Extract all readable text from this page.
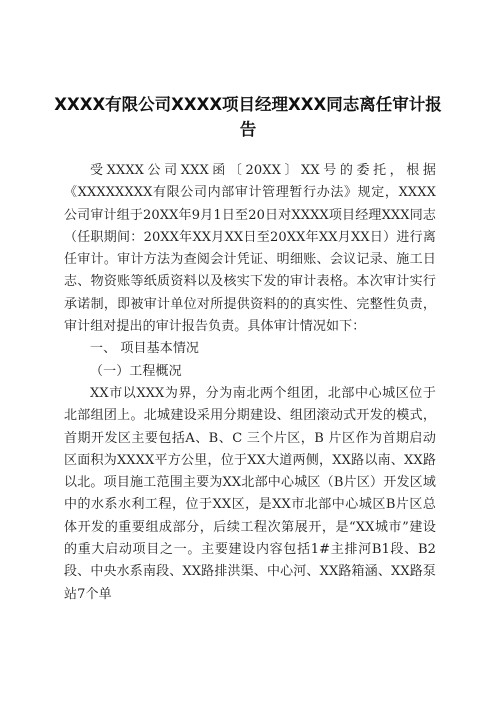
XXXX有限公司XXXX项目经理XXX同志离任审计报告

受XXXX公司XXX函〔20XX〕XX号的委托，根据《XXXXXXXX有限公司内部审计管理暂行办法》规定，XXXX公司审计组于20XX年9月1日至20日对XXXX项目经理XXX同志（任职期间：20XX年XX月XX日至20XX年XX月XX日）进行离任审计。审计方法为查阅会计凭证、明细账、会议记录、施工日志、物资账等纸质资料以及核实下发的审计表格。本次审计实行承诺制，即被审计单位对所提供资料的的真实性、完整性负责，审计组对提出的审计报告负责。具体审计情况如下：

一、 项目基本情况

（一）工程概况

XX市以XXX为界，分为南北两个组团，北部中心城区位于北部组团上。北城建设采用分期建设、组团滚动式开发的模式，首期开发区主要包括A、B、C 三个片区，B 片区作为首期启动区面积为XXXX平方公里，位于XX大道两侧，XX路以南、XX路以北。项目施工范围主要为XX北部中心城区（B片区）开发区域中的水系水利工程，位于XX区，是XX市北部中心城区B片区总体开发的重要组成部分，后续工程次第展开，是“XX城市”建设的重大启动项目之一。主要建设内容包括1#主排河B1段、B2段、中央水系南段、XX路排洪渠、中心河、XX路箱涵、XX路泵站7个单
